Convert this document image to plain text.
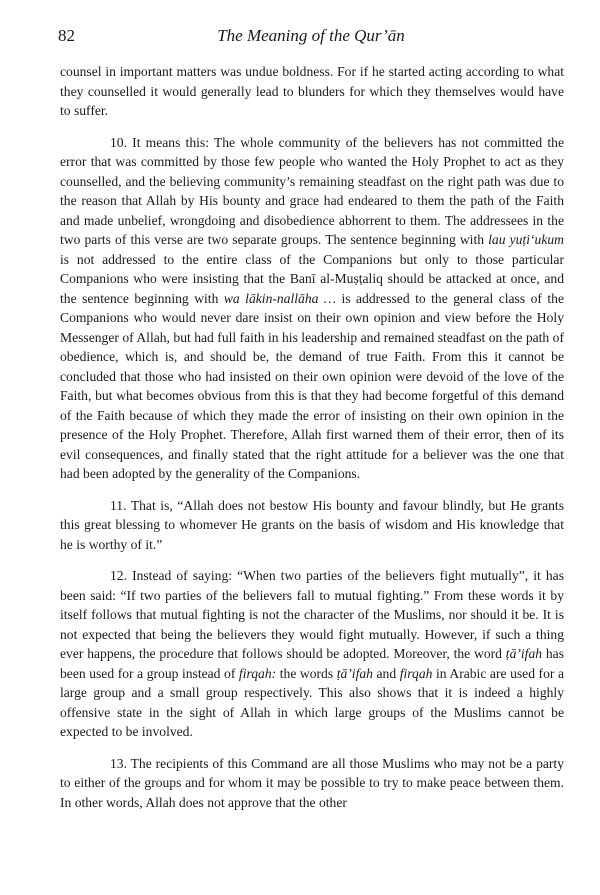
82	The Meaning of the Qur’ān

counsel in important matters was undue boldness. For if he started acting according to what they counselled it would generally lead to blunders for which they themselves would have to suffer.

10. It means this: The whole community of the believers has not committed the error that was committed by those few people who wanted the Holy Prophet to act as they counselled, and the believing community’s remaining steadfast on the right path was due to the reason that Allah by His bounty and grace had endeared to them the path of the Faith and made unbelief, wrongdoing and disobedience abhorrent to them. The addressees in the two parts of this verse are two separate groups. The sentence beginning with lau yuṭi‘ukum is not addressed to the entire class of the Companions but only to those particular Companions who were insisting that the Banī al-Muṣṭaliq should be attacked at once, and the sentence beginning with wa lākin-nallāha … is addressed to the general class of the Companions who would never dare insist on their own opinion and view before the Holy Messenger of Allah, but had full faith in his leadership and remained steadfast on the path of obedience, which is, and should be, the demand of true Faith. From this it cannot be concluded that those who had insisted on their own opinion were devoid of the love of the Faith, but what becomes obvious from this is that they had become forgetful of this demand of the Faith because of which they made the error of insisting on their own opinion in the presence of the Holy Prophet. Therefore, Allah first warned them of their error, then of its evil consequences, and finally stated that the right attitude for a believer was the one that had been adopted by the generality of the Companions.

11. That is, “Allah does not bestow His bounty and favour blindly, but He grants this great blessing to whomever He grants on the basis of wisdom and His knowledge that he is worthy of it.”

12. Instead of saying: “When two parties of the believers fight mutually”, it has been said: “If two parties of the believers fall to mutual fighting.” From these words it by itself follows that mutual fighting is not the character of the Muslims, nor should it be. It is not expected that being the believers they would fight mutually. However, if such a thing ever happens, the procedure that follows should be adopted. Moreover, the word ṭā’ifah has been used for a group instead of firqah: the words ṭā’ifah and firqah in Arabic are used for a large group and a small group respectively. This also shows that it is indeed a highly offensive state in the sight of Allah in which large groups of the Muslims cannot be expected to be involved.

13. The recipients of this Command are all those Muslims who may not be a party to either of the groups and for whom it may be possible to try to make peace between them. In other words, Allah does not approve that the other
